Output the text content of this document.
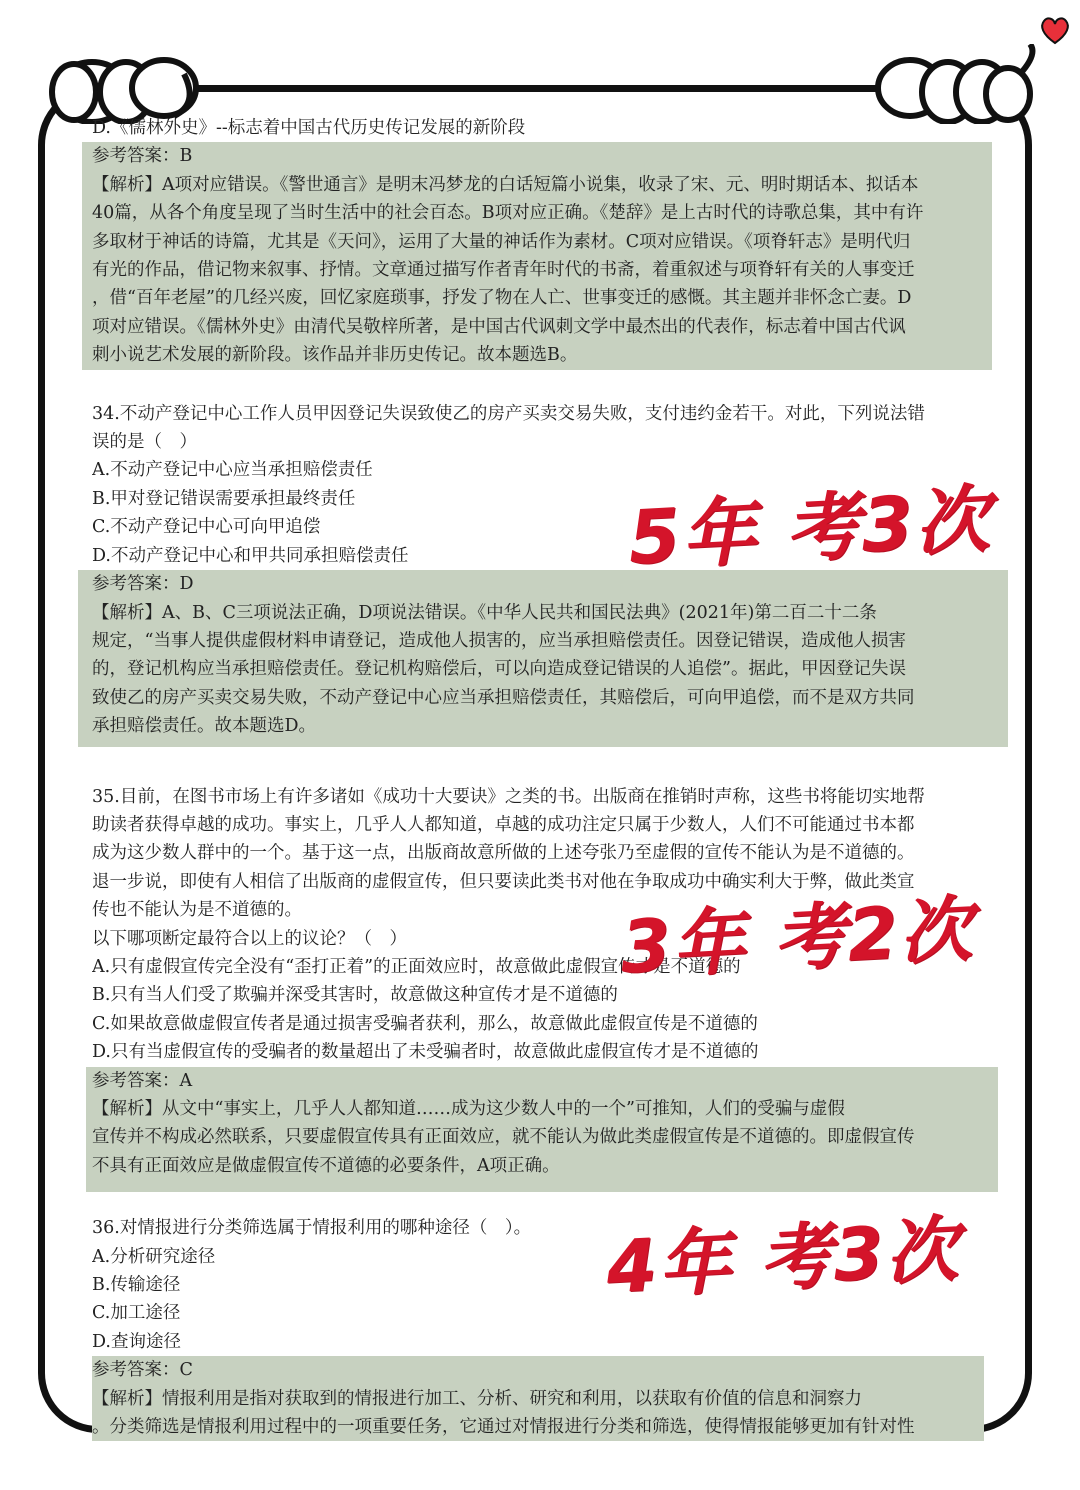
D.《儒林外史》--标志着中国古代历史传记发展的新阶段
参考答案：B
【解析】A项对应错误。《警世通言》是明末冯梦龙的白话短篇小说集，收录了宋、元、明时期话本、拟话本
40篇，从各个角度呈现了当时生活中的社会百态。B项对应正确。《楚辞》是上古时代的诗歌总集，其中有许
多取材于神话的诗篇，尤其是《天问》，运用了大量的神话作为素材。C项对应错误。《项脊轩志》是明代归
有光的作品，借记物来叙事、抒情。文章通过描写作者青年时代的书斋，着重叙述与项脊轩有关的人事变迁
，借“百年老屋”的几经兴废，回忆家庭琐事，抒发了物在人亡、世事变迁的感慨。其主题并非怀念亡妻。D
项对应错误。《儒林外史》由清代吴敬梓所著，是中国古代讽刺文学中最杰出的代表作，标志着中国古代讽
刺小说艺术发展的新阶段。该作品并非历史传记。故本题选B。
34.不动产登记中心工作人员甲因登记失误致使乙的房产买卖交易失败，支付违约金若干。对此，下列说法错
误的是（　）
A.不动产登记中心应当承担赔偿责任
B.甲对登记错误需要承担最终责任
C.不动产登记中心可向甲追偿
D.不动产登记中心和甲共同承担赔偿责任
参考答案：D
【解析】A、B、C三项说法正确，D项说法错误。《中华人民共和国民法典》(2021年)第二百二十二条
规定，“当事人提供虚假材料申请登记，造成他人损害的，应当承担赔偿责任。因登记错误，造成他人损害
的，登记机构应当承担赔偿责任。登记机构赔偿后，可以向造成登记错误的人追偿”。据此，甲因登记失误
致使乙的房产买卖交易失败，不动产登记中心应当承担赔偿责任，其赔偿后，可向甲追偿，而不是双方共同
承担赔偿责任。故本题选D。
35.目前，在图书市场上有许多诸如《成功十大要诀》之类的书。出版商在推销时声称，这些书将能切实地帮
助读者获得卓越的成功。事实上，几乎人人都知道，卓越的成功注定只属于少数人，人们不可能通过书本都
成为这少数人群中的一个。基于这一点，出版商故意所做的上述夸张乃至虚假的宣传不能认为是不道德的。
退一步说，即使有人相信了出版商的虚假宣传，但只要读此类书对他在争取成功中确实利大于弊，做此类宣
传也不能认为是不道德的。
以下哪项断定最符合以上的议论？（　）
A.只有虚假宣传完全没有“歪打正着”的正面效应时，故意做此虚假宣传才是不道德的
B.只有当人们受了欺骗并深受其害时，故意做这种宣传才是不道德的
C.如果故意做虚假宣传者是通过损害受骗者获利，那么，故意做此虚假宣传是不道德的
D.只有当虚假宣传的受骗者的数量超出了未受骗者时，故意做此虚假宣传才是不道德的
参考答案：A
【解析】从文中“事实上，几乎人人都知道……成为这少数人中的一个”可推知，人们的受骗与虚假
宣传并不构成必然联系，只要虚假宣传具有正面效应，就不能认为做此类虚假宣传是不道德的。即虚假宣传
不具有正面效应是做虚假宣传不道德的必要条件，A项正确。
36.对情报进行分类筛选属于情报利用的哪种途径（　）。
A.分析研究途径
B.传输途径
C.加工途径
D.查询途径
参考答案：C
【解析】情报利用是指对获取到的情报进行加工、分析、研究和利用，以获取有价值的信息和洞察力
。分类筛选是情报利用过程中的一项重要任务，它通过对情报进行分类和筛选，使得情报能够更加有针对性
5年 考3次
3年 考2次
4年 考3次
